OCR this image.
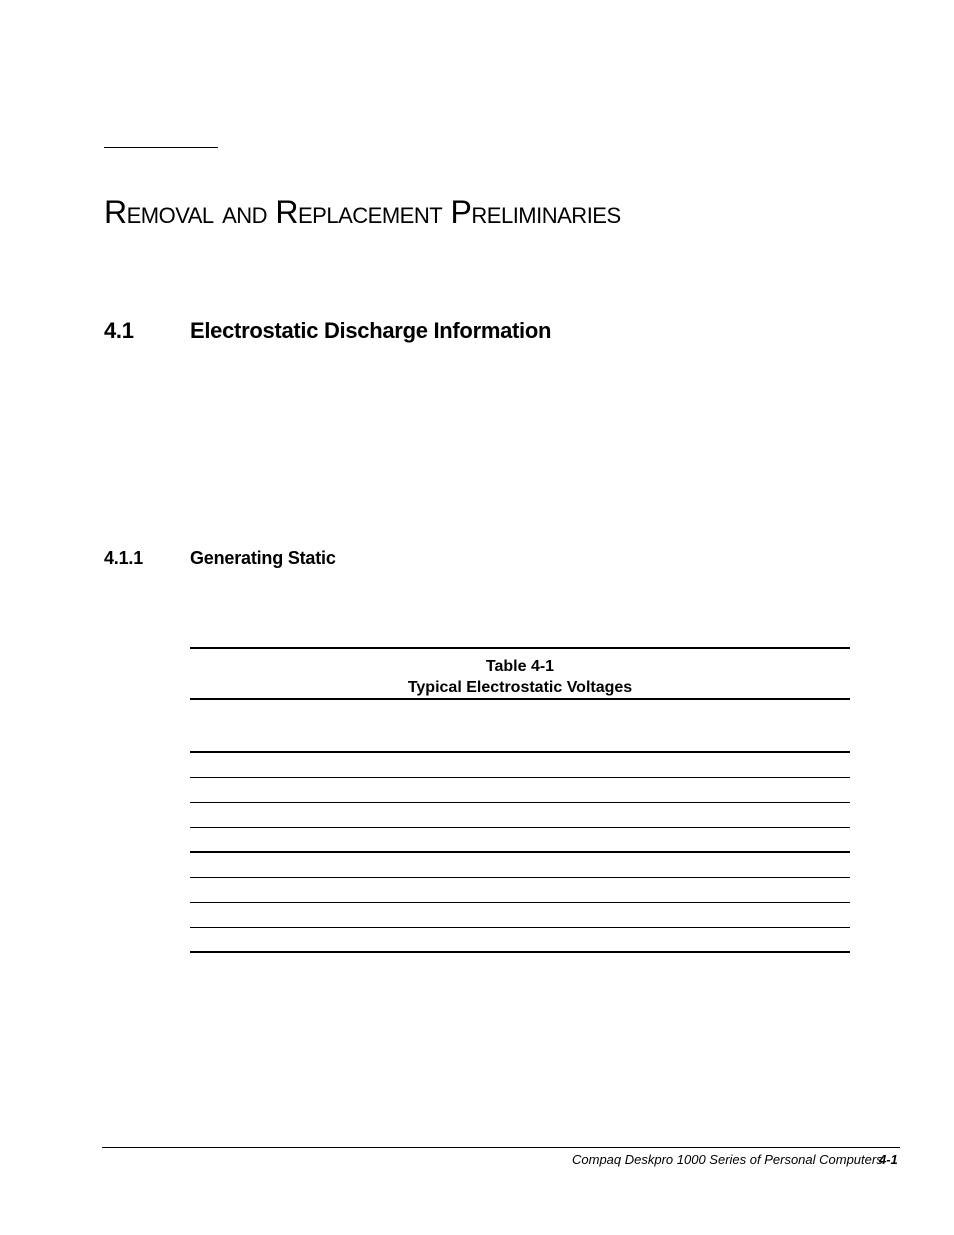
Removal and Replacement Preliminaries
4.1	Electrostatic Discharge Information
4.1.1	Generating Static
Table 4-1
Typical Electrostatic Voltages
Compaq Deskpro 1000 Series of Personal Computers
4-1
